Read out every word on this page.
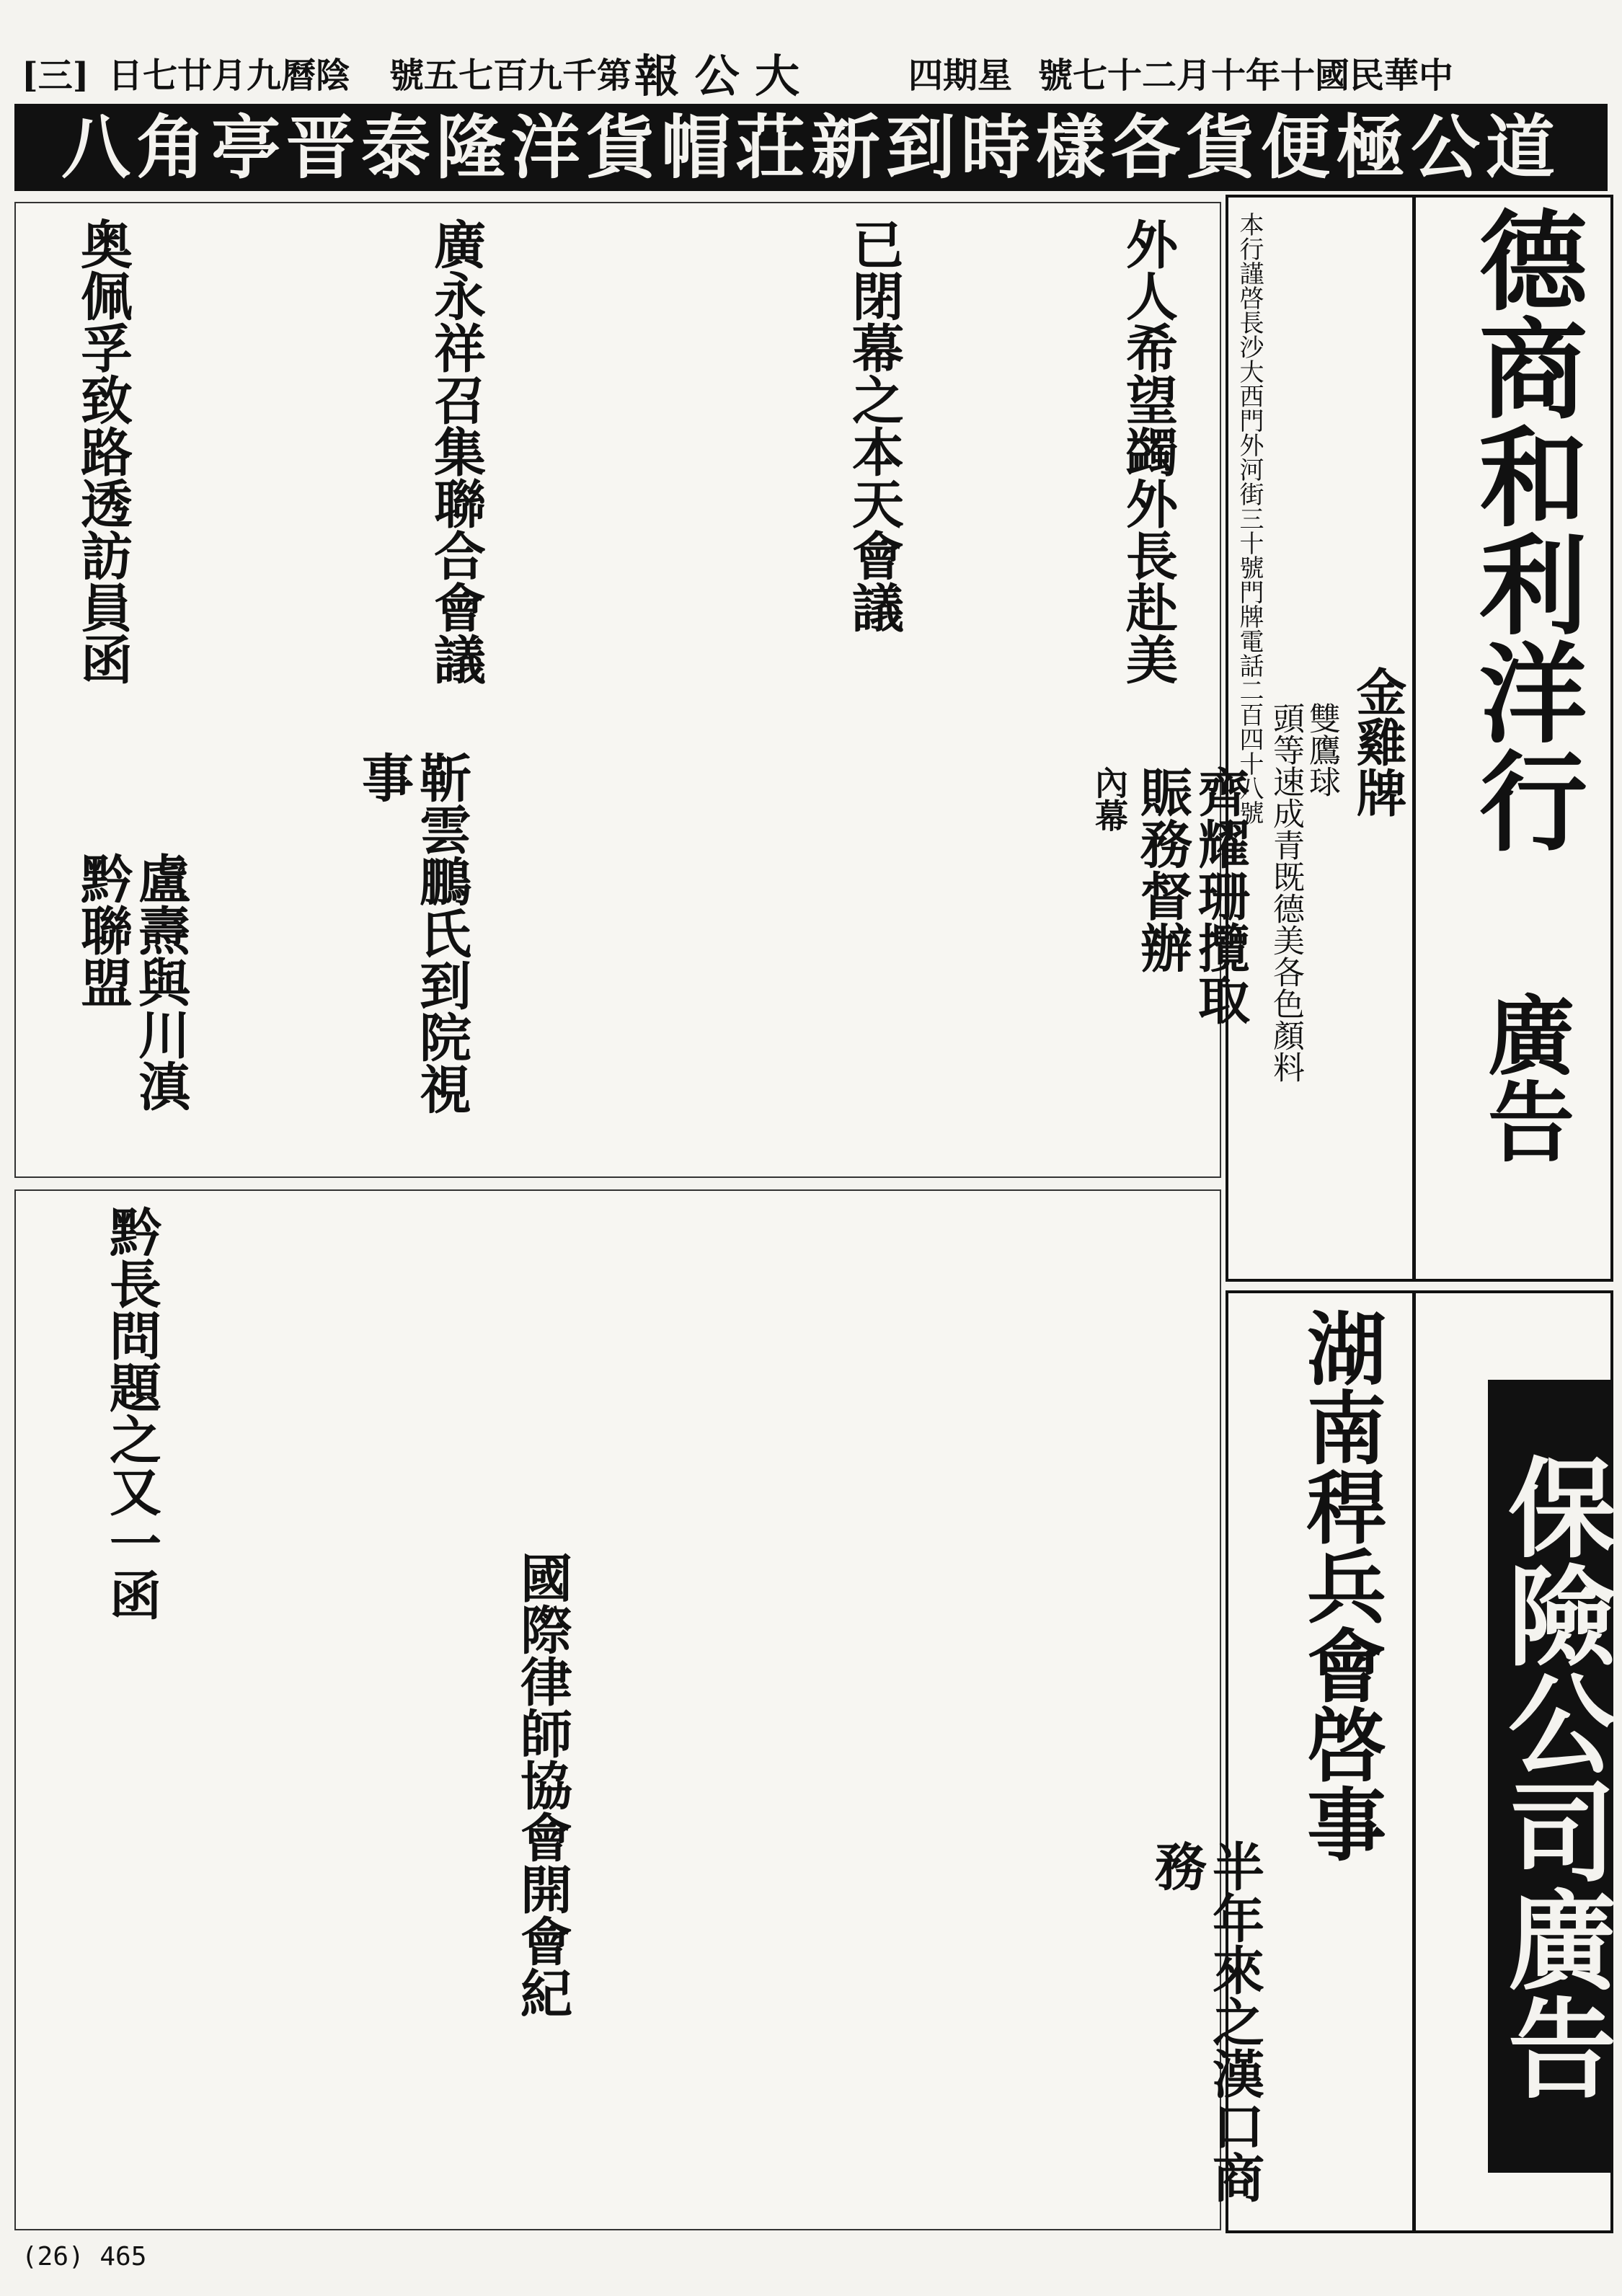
[三] 日七廿月九曆陰 號五七百九千第 報 公 大	四期星 號七十二月十年十國民華中
八角亭晋泰隆洋貨帽荘新到時樣各貨便極公道
德商和利洋行
廣告
金雞牌
雙鷹球
頭等速成青既德美各色顏料
本行謹啓長沙大西門外河街三十號門牌電話二百四十八號
保險公司廣告
湖南稈兵會啓事
外人希望蠲外長赴美
已閉幕之本天會議
廣永祥召集聯合會議
靳雲鵬氏到院視事
奥佩孚致路透訪員函
齊耀珊攬取賑務督辦
內幕
盧燾與川滇黔聯盟
國際律師協會開會紀
黔長問題之又一函
半年來之漢口商務
(26) 465
